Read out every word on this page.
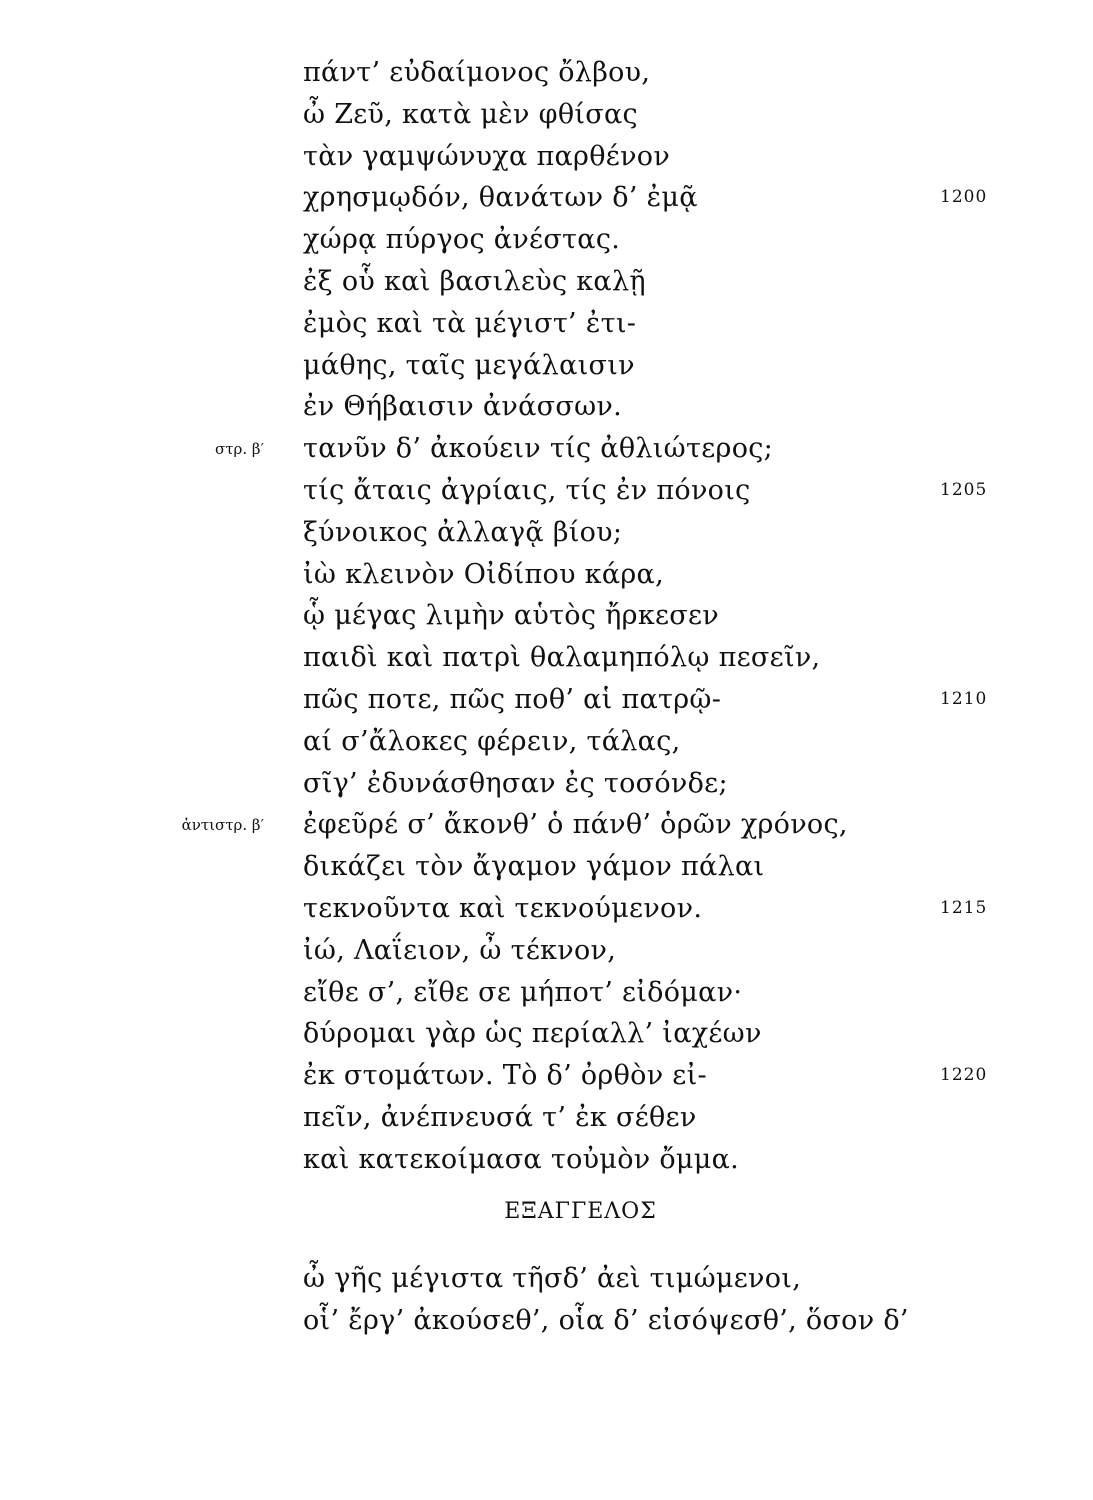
πάντ’ εὐδαίμονος ὄλβου,
ὦ Ζεῦ, κατὰ μὲν φθίσας
τὰν γαμψώνυχα παρθένον
χρησμῳδόν, θανάτων δ’ ἐμᾷ	1200
χώρᾳ πύργος ἀνέστας.
ἐξ οὗ καὶ βασιλεὺς καλῇ
ἐμὸς καὶ τὰ μέγιστ’ ἐτι-
μάθης, ταῖς μεγάλαισιν
ἐν Θήβαισιν ἀνάσσων.
στρ. β′ τανῦν δ’ ἀκούειν τίς ἀθλιώτερος;
τίς ἄταις ἀγρίαις, τίς ἐν πόνοις	1205
ξύνοικος ἀλλαγᾷ βίου;
ἰὼ κλεινὸν Οἰδίπου κάρα,
ᾧ μέγας λιμὴν αὑτὸς ἤρκεσεν
παιδὶ καὶ πατρὶ θαλαμηπόλῳ πεσεῖν,
πῶς ποτε, πῶς ποθ’ αἱ πατρῷ-	1210
αί σ’ἄλοκες φέρειν, τάλας,
σῖγ’ ἐδυνάσθησαν ἐς τοσόνδε;
ἀντιστρ. β′ ἐφεῦρέ σ’ ἄκονθ’ ὁ πάνθ’ ὁρῶν χρόνος,
δικάζει τὸν ἄγαμον γάμον πάλαι
τεκνοῦντα καὶ τεκνούμενον.	1215
ἰώ, Λαΐειον, ὦ τέκνον,
εἴθε σ’, εἴθε σε μήποτ’ εἰδόμαν·
δύρομαι γὰρ ὡς περίαλλ’ ἰαχέων
ἐκ στομάτων. Τὸ δ’ ὀρθὸν εἰ-	1220
πεῖν, ἀνέπνευσά τ’ ἐκ σέθεν
καὶ κατεκοίμασα τοὐμὸν ὄμμα.
ΕΞΑΓΓΕΛΟΣ
ὦ γῆς μέγιστα τῆσδ’ ἀεὶ τιμώμενοι,
οἷ’ ἔργ’ ἀκούσεθ’, οἷα δ’ εἰσόψεσθ’, ὅσον δ’
